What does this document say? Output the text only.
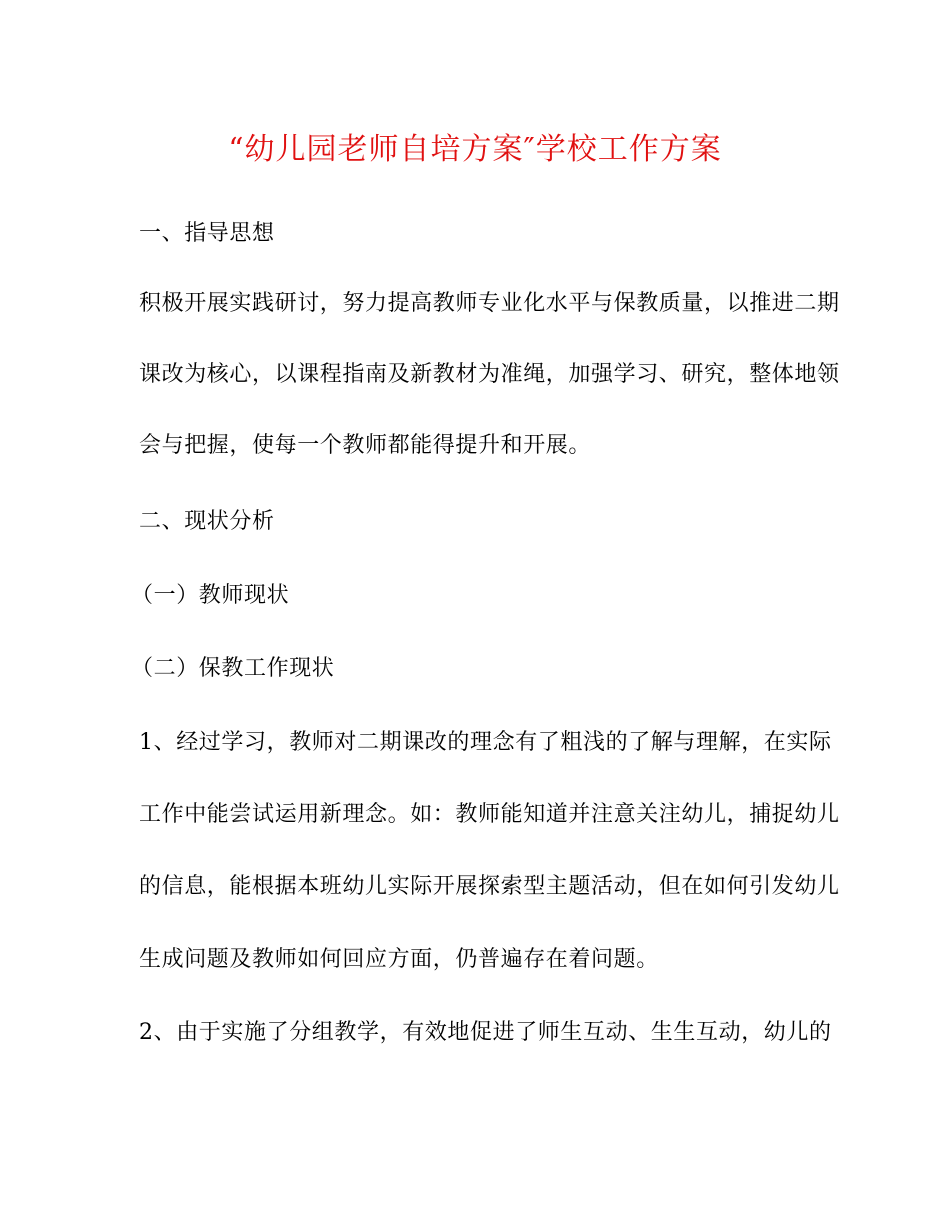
“幼儿园老师自培方案″学校工作方案
一、指导思想
积极开展实践研讨，努力提高教师专业化水平与保教质量，以推进二期
课改为核心，以课程指南及新教材为准绳，加强学习、研究，整体地领
会与把握，使每一个教师都能得提升和开展。
二、现状分析
（一）教师现状
（二）保教工作现状
1、经过学习，教师对二期课改的理念有了粗浅的了解与理解，在实际
工作中能尝试运用新理念。如：教师能知道并注意关注幼儿，捕捉幼儿
的信息，能根据本班幼儿实际开展探索型主题活动，但在如何引发幼儿
生成问题及教师如何回应方面，仍普遍存在着问题。
2、由于实施了分组教学，有效地促进了师生互动、生生互动，幼儿的
